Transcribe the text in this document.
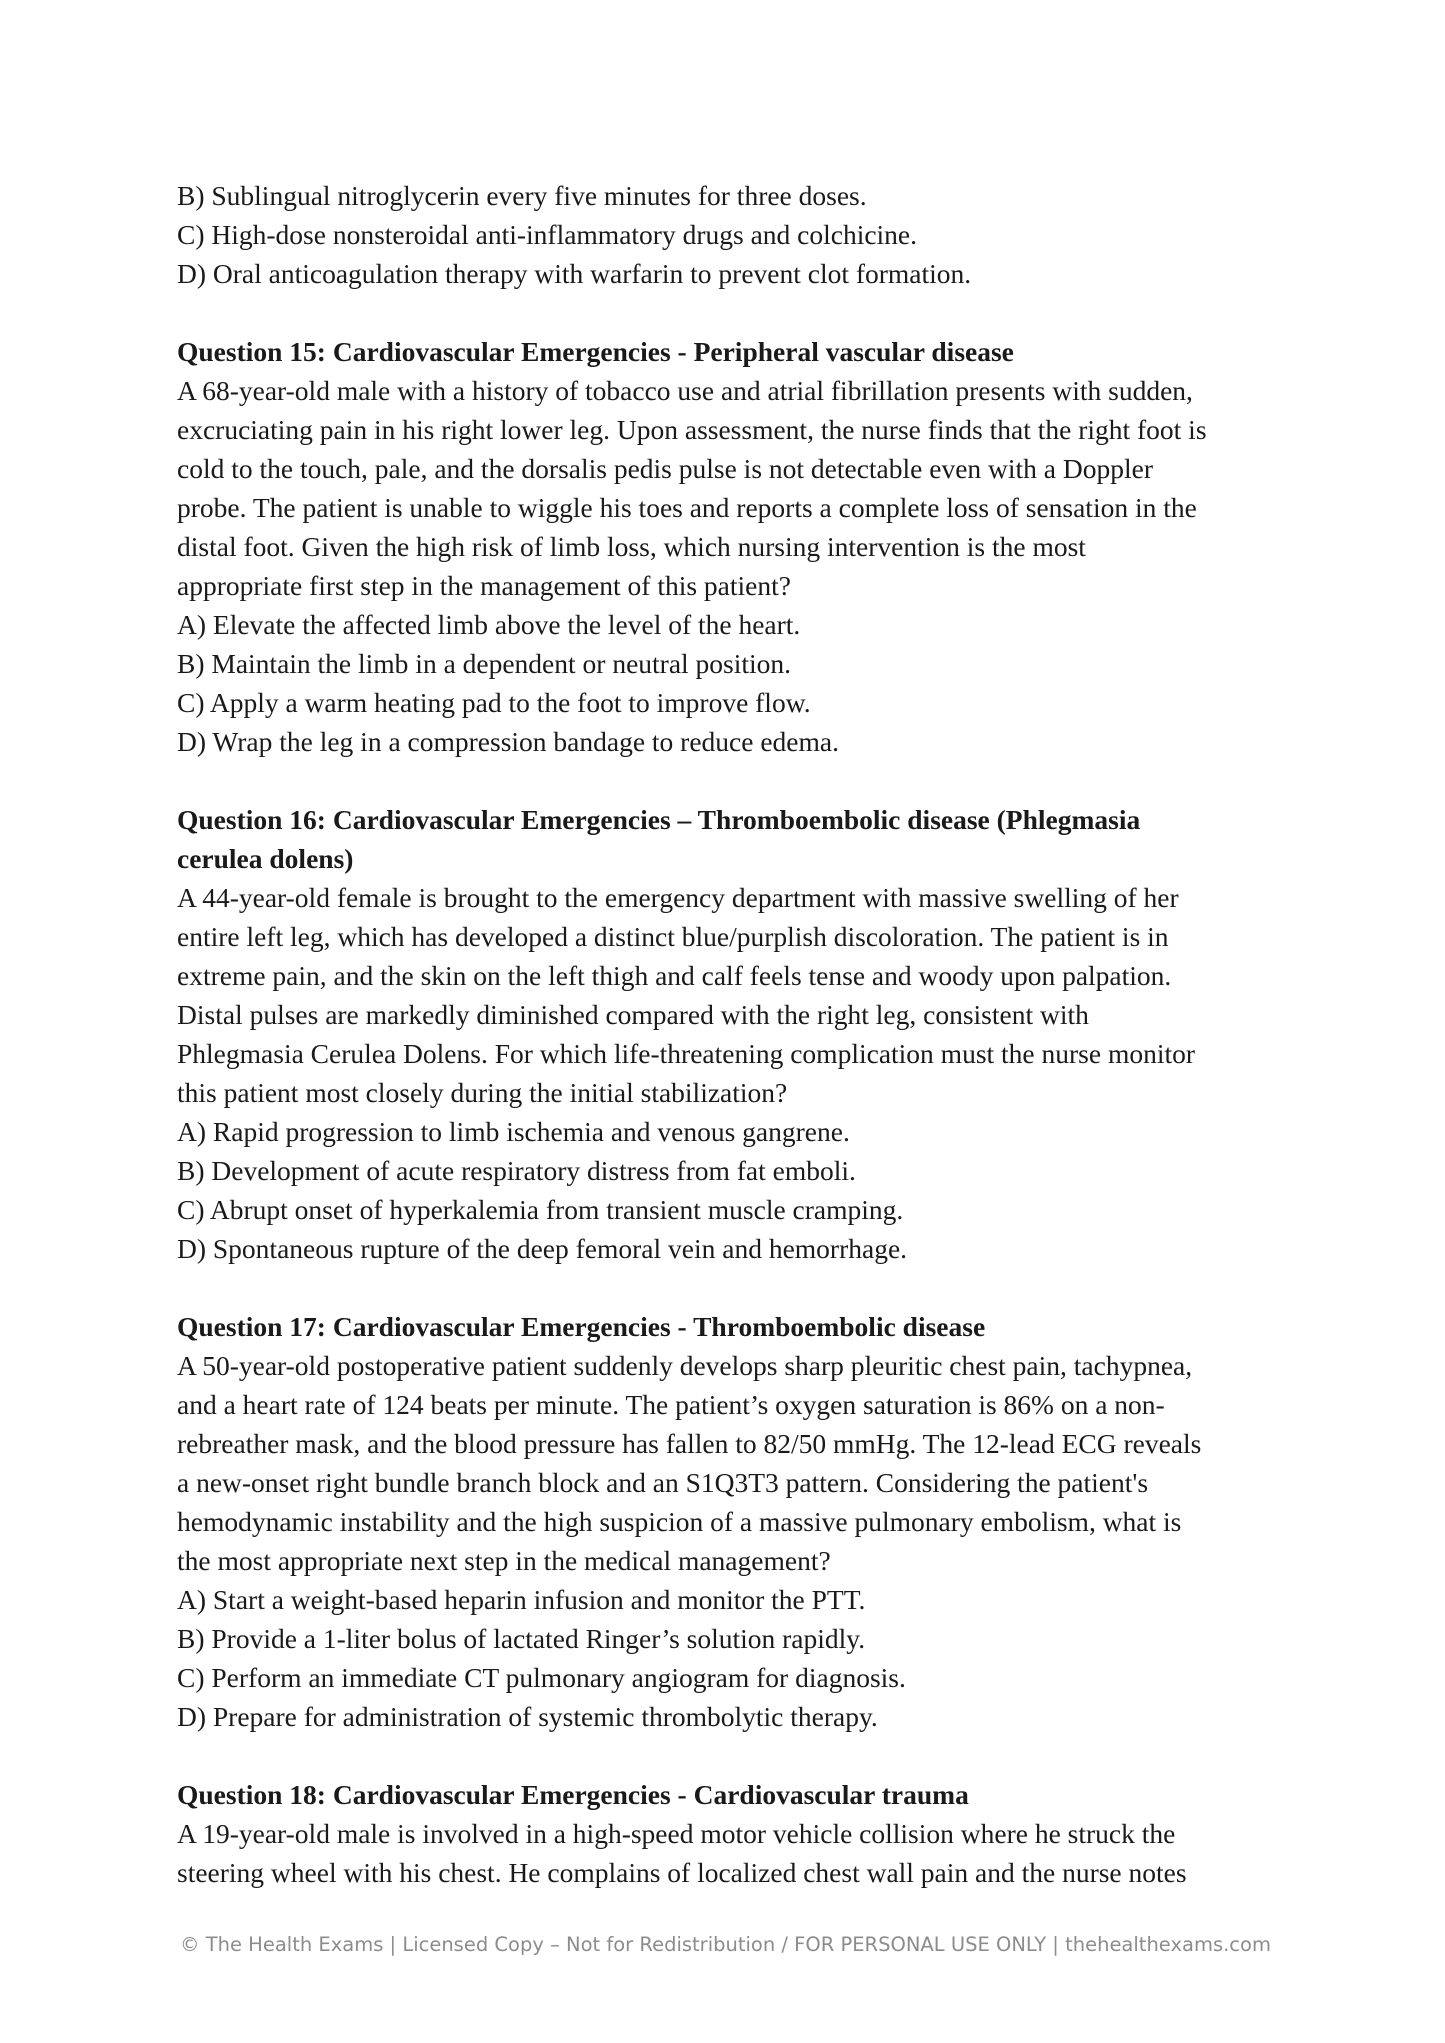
B) Sublingual nitroglycerin every five minutes for three doses.
C) High-dose nonsteroidal anti-inflammatory drugs and colchicine.
D) Oral anticoagulation therapy with warfarin to prevent clot formation.
Question 15: Cardiovascular Emergencies - Peripheral vascular disease
A 68-year-old male with a history of tobacco use and atrial fibrillation presents with sudden,
excruciating pain in his right lower leg. Upon assessment, the nurse finds that the right foot is
cold to the touch, pale, and the dorsalis pedis pulse is not detectable even with a Doppler
probe. The patient is unable to wiggle his toes and reports a complete loss of sensation in the
distal foot. Given the high risk of limb loss, which nursing intervention is the most
appropriate first step in the management of this patient?
A) Elevate the affected limb above the level of the heart.
B) Maintain the limb in a dependent or neutral position.
C) Apply a warm heating pad to the foot to improve flow.
D) Wrap the leg in a compression bandage to reduce edema.
Question 16: Cardiovascular Emergencies – Thromboembolic disease (Phlegmasia
cerulea dolens)
A 44-year-old female is brought to the emergency department with massive swelling of her
entire left leg, which has developed a distinct blue/purplish discoloration. The patient is in
extreme pain, and the skin on the left thigh and calf feels tense and woody upon palpation.
Distal pulses are markedly diminished compared with the right leg, consistent with
Phlegmasia Cerulea Dolens. For which life-threatening complication must the nurse monitor
this patient most closely during the initial stabilization?
A) Rapid progression to limb ischemia and venous gangrene.
B) Development of acute respiratory distress from fat emboli.
C) Abrupt onset of hyperkalemia from transient muscle cramping.
D) Spontaneous rupture of the deep femoral vein and hemorrhage.
Question 17: Cardiovascular Emergencies - Thromboembolic disease
A 50-year-old postoperative patient suddenly develops sharp pleuritic chest pain, tachypnea,
and a heart rate of 124 beats per minute. The patient’s oxygen saturation is 86% on a non-
rebreather mask, and the blood pressure has fallen to 82/50 mmHg. The 12-lead ECG reveals
a new-onset right bundle branch block and an S1Q3T3 pattern. Considering the patient's
hemodynamic instability and the high suspicion of a massive pulmonary embolism, what is
the most appropriate next step in the medical management?
A) Start a weight-based heparin infusion and monitor the PTT.
B) Provide a 1-liter bolus of lactated Ringer’s solution rapidly.
C) Perform an immediate CT pulmonary angiogram for diagnosis.
D) Prepare for administration of systemic thrombolytic therapy.
Question 18: Cardiovascular Emergencies - Cardiovascular trauma
A 19-year-old male is involved in a high-speed motor vehicle collision where he struck the
steering wheel with his chest. He complains of localized chest wall pain and the nurse notes
© The Health Exams | Licensed Copy – Not for Redistribution / FOR PERSONAL USE ONLY | thehealthexams.com
